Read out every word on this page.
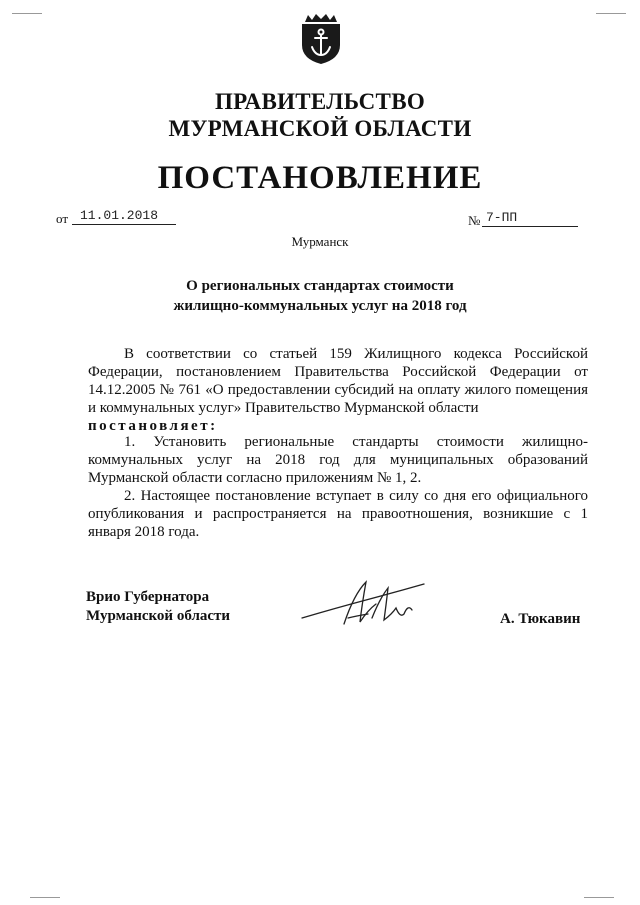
ПРАВИТЕЛЬСТВО
МУРМАНСКОЙ ОБЛАСТИ
ПОСТАНОВЛЕНИЕ
от 11.01.2018	№ 7-ПП
Мурманск
О региональных стандартах стоимости
жилищно-коммунальных услуг на 2018 год

В соответствии со статьей 159 Жилищного кодекса Российской Федерации, постановлением Правительства Российской Федерации от 14.12.2005 № 761 «О предоставлении субсидий на оплату жилого помещения и коммунальных услуг» Правительство Мурманской области
постановляет:

1. Установить региональные стандарты стоимости жилищно-коммунальных услуг на 2018 год для муниципальных образований Мурманской области согласно приложениям № 1, 2.

2. Настоящее постановление вступает в силу со дня его официального опубликования и распространяется на правоотношения, возникшие с 1 января 2018 года.

Врио Губернатора
Мурманской области	А. Тюкавин
